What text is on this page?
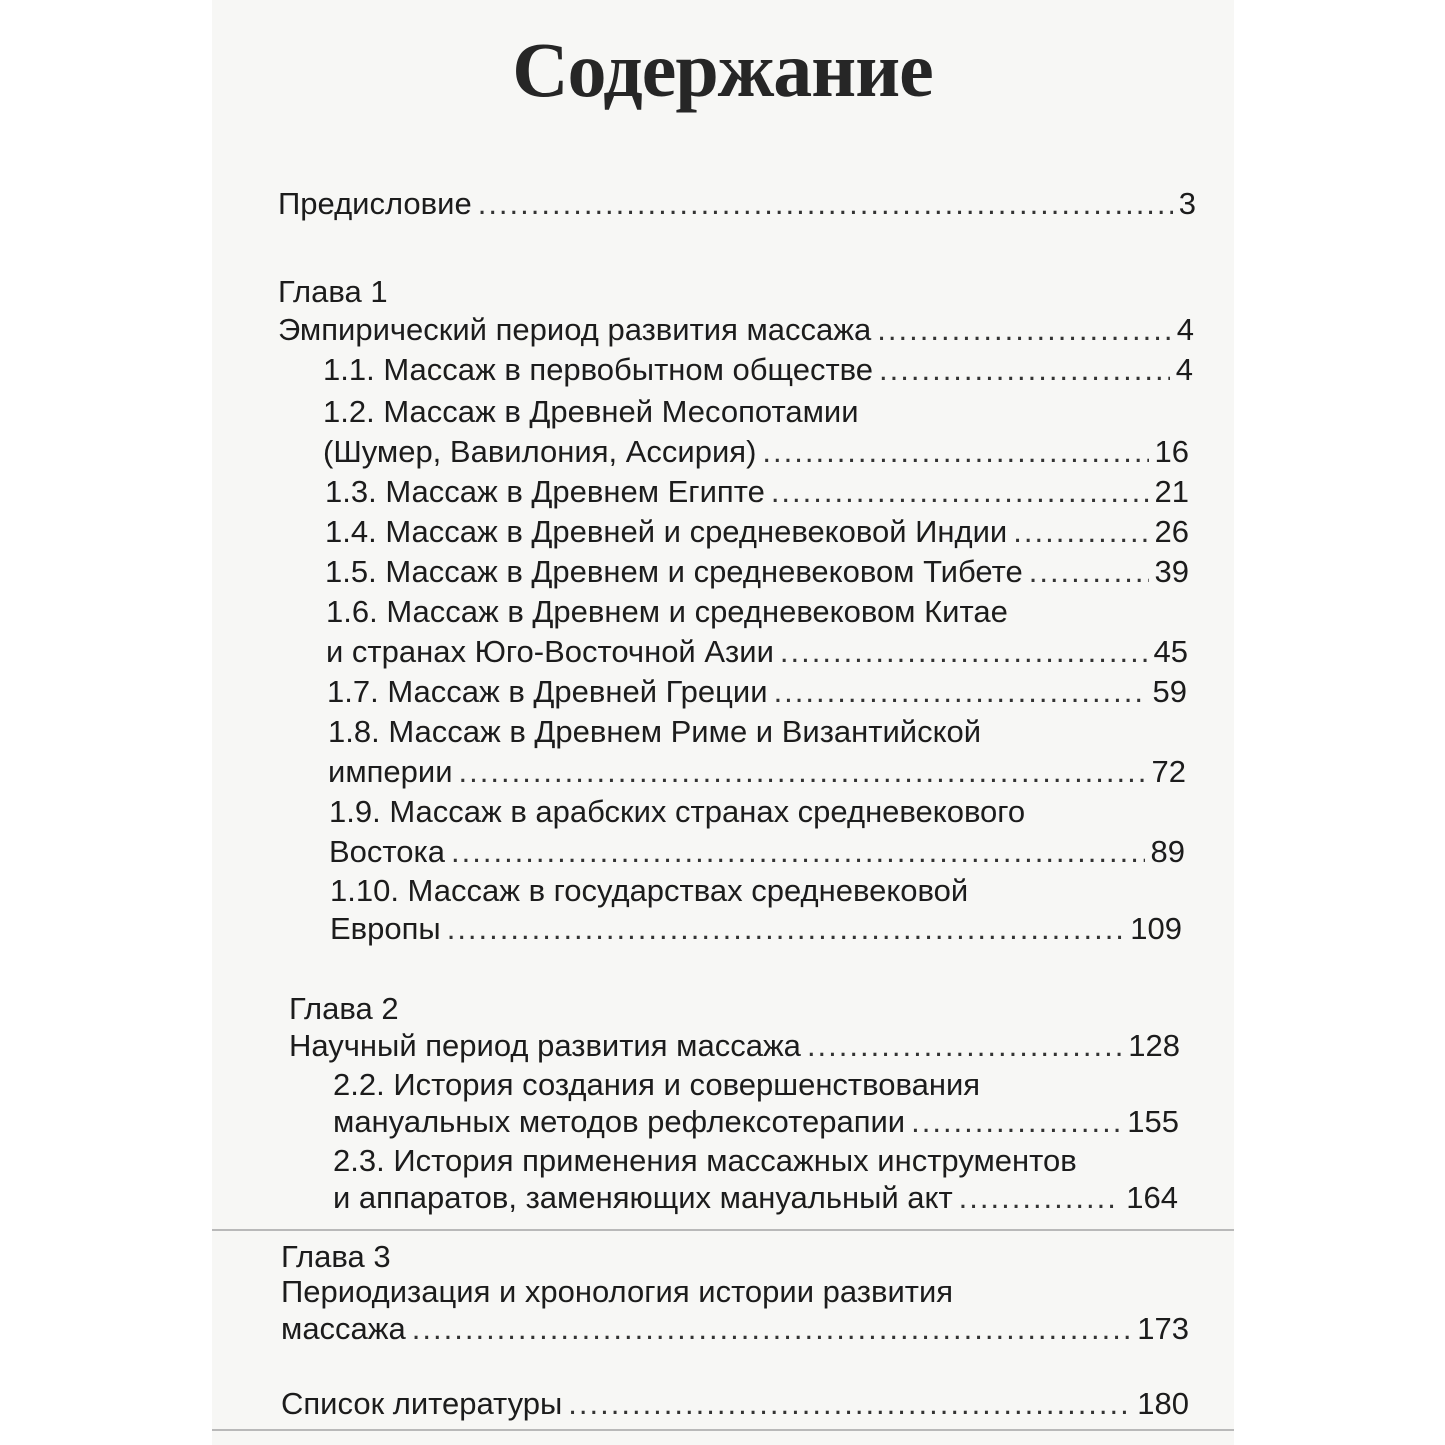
Содержание
Предисловие .....	3
Глава 1
Эмпирический период развития массажа .....	4
1.1. Массаж в первобытном обществе .....	4
1.2. Массаж в Древней Месопотамии
(Шумер, Вавилония, Ассирия) .....	16
1.3. Массаж в Древнем Египте .....	21
1.4. Массаж в Древней и средневековой Индии .....	26
1.5. Массаж в Древнем и средневековом Тибете .....	39
1.6. Массаж в Древнем и средневековом Китае
и странах Юго-Восточной Азии .....	45
1.7. Массаж в Древней Греции .....	59
1.8. Массаж в Древнем Риме и Византийской
империи .....	72
1.9. Массаж в арабских странах средневекового
Востока .....	89
1.10. Массаж в государствах средневековой
Европы .....	109
Глава 2
Научный период развития массажа .....	128
2.2. История создания и совершенствования
мануальных методов рефлексотерапии .....	155
2.3. История применения массажных инструментов
и аппаратов, заменяющих мануальный акт .....	164
Глава 3
Периодизация и хронология истории развития
массажа .....	173
Список литературы .....	180
